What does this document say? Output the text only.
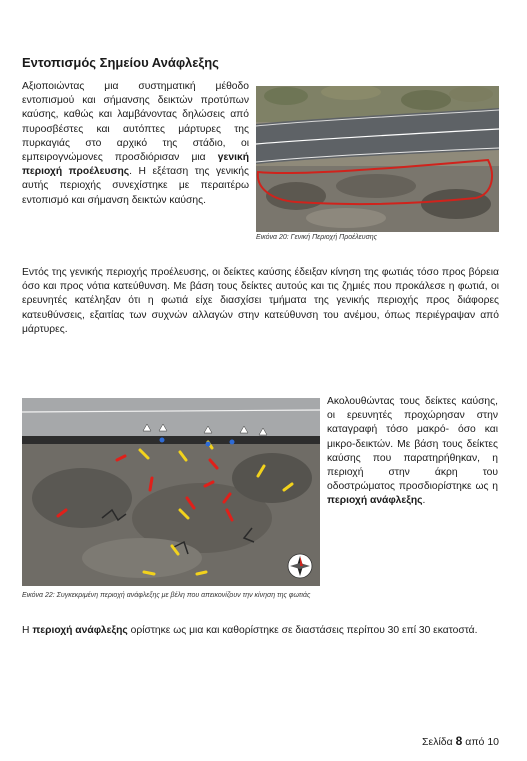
Εντοπισμός Σημείου Ανάφλεξης
Αξιοποιώντας μια συστηματική μέθοδο εντοπισμού και σήμανσης δεικτών προτύπων καύσης, καθώς και λαμβάνοντας δηλώσεις από πυροσβέστες και αυτόπτες μάρτυρες της πυρκαγιάς στο αρχικό της στάδιο, οι εμπειρογνώμονες προσδιόρισαν μια γενική περιοχή προέλευσης. Η εξέταση της γενικής αυτής περιοχής συνεχίστηκε με περαιτέρω εντοπισμό και σήμανση δεικτών καύσης.
Εικόνα 20: Γενική Περιοχή Προέλευσης
Εντός της γενικής περιοχής προέλευσης, οι δείκτες καύσης έδειξαν κίνηση της φωτιάς τόσο προς βόρεια όσο και προς νότια κατεύθυνση. Με βάση τους δείκτες αυτούς και τις ζημιές που προκάλεσε η φωτιά, οι ερευνητές κατέληξαν ότι η φωτιά είχε διασχίσει τμήματα της γενικής περιοχής προς διάφορες κατευθύνσεις, εξαιτίας των συχνών αλλαγών στην κατεύθυνση του ανέμου, όπως περιέγραψαν από μάρτυρες.
Εικόνα 22: Συγκεκριμένη περιοχή ανάφλεξης με βέλη που απεικονίζουν την κίνηση της φωτιάς
Ακολουθώντας τους δείκτες καύσης, οι ερευνητές προχώρησαν στην καταγραφή τόσο μακρό- όσο και μικρο-δεικτών. Με βάση τους δείκτες καύσης που παρατηρήθηκαν, η περιοχή στην άκρη του οδοστρώματος προσδιορίστηκε ως η περιοχή ανάφλεξης.
Η περιοχή ανάφλεξης ορίστηκε ως μια και καθορίστηκε σε διαστάσεις περίπου 30 επί 30 εκατοστά.
Σελίδα 8 από 10
